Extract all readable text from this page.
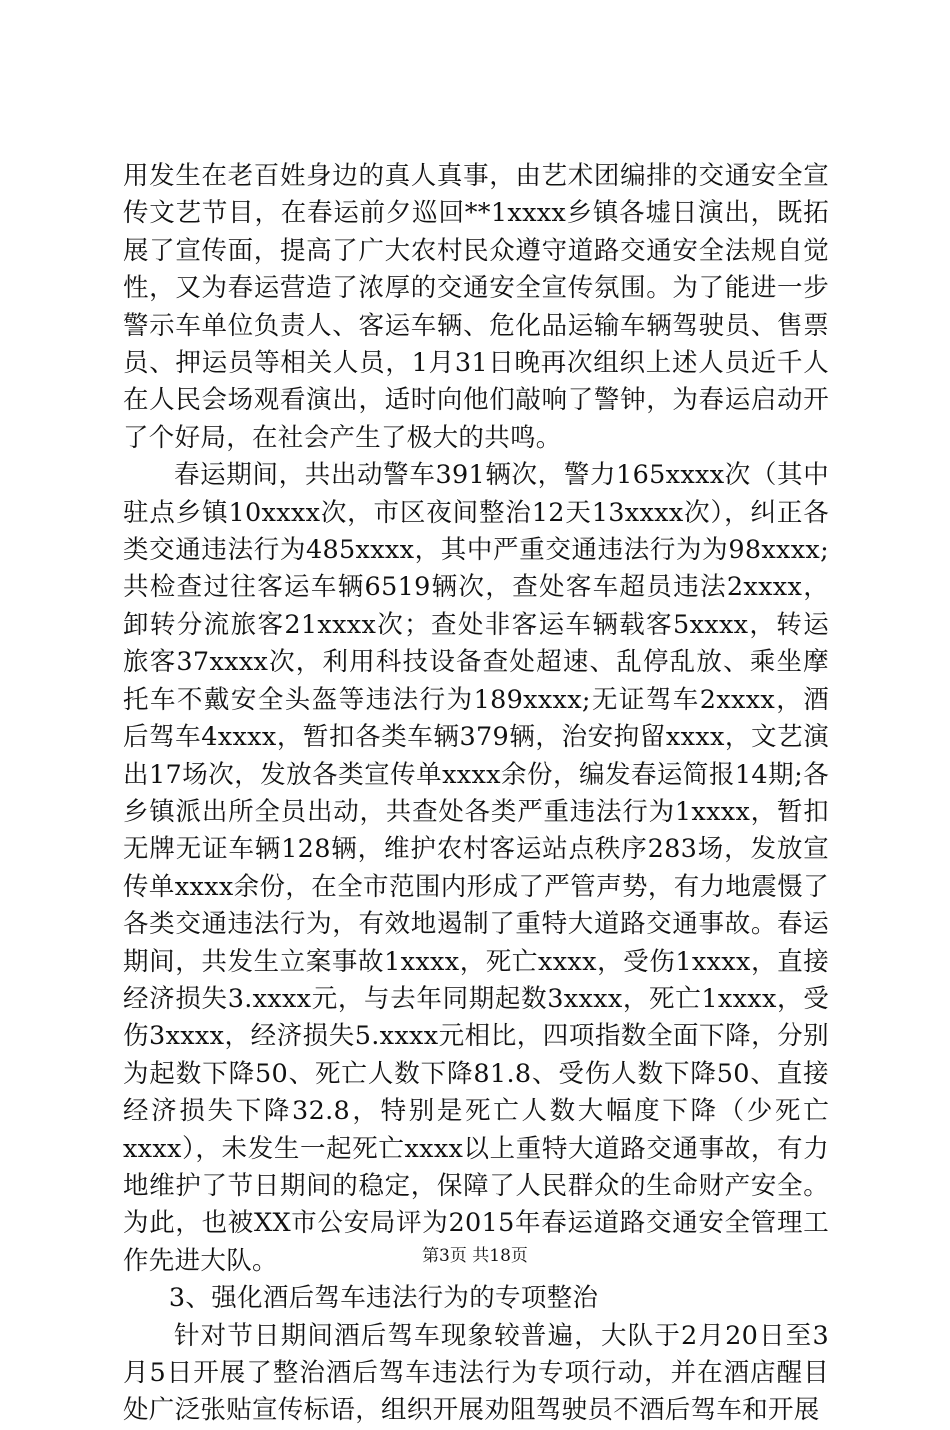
用发生在老百姓身边的真人真事，由艺术团编排的交通安全宣传文艺节目，在春运前夕巡回**1xxxx乡镇各墟日演出，既拓展了宣传面，提高了广大农村民众遵守道路交通安全法规自觉性，又为春运营造了浓厚的交通安全宣传氛围。为了能进一步警示车单位负责人、客运车辆、危化品运输车辆驾驶员、售票员、押运员等相关人员，1月31日晚再次组织上述人员近千人在人民会场观看演出，适时向他们敲响了警钟，为春运启动开了个好局，在社会产生了极大的共鸣。

春运期间，共出动警车391辆次，警力165xxxx次（其中驻点乡镇10xxxx次，市区夜间整治12天13xxxx次），纠正各类交通违法行为485xxxx，其中严重交通违法行为为98xxxx;共检查过往客运车辆6519辆次，查处客车超员违法2xxxx，卸转分流旅客21xxxx次；查处非客运车辆载客5xxxx，转运旅客37xxxx次，利用科技设备查处超速、乱停乱放、乘坐摩托车不戴安全头盔等违法行为189xxxx;无证驾车2xxxx，酒后驾车4xxxx，暂扣各类车辆379辆，治安拘留xxxx，文艺演出17场次，发放各类宣传单xxxx余份，编发春运简报14期;各乡镇派出所全员出动，共查处各类严重违法行为1xxxx，暂扣无牌无证车辆128辆，维护农村客运站点秩序283场，发放宣传单xxxx余份，在全市范围内形成了严管声势，有力地震慑了各类交通违法行为，有效地遏制了重特大道路交通事故。春运期间，共发生立案事故1xxxx，死亡xxxx，受伤1xxxx，直接经济损失3.xxxx元，与去年同期起数3xxxx，死亡1xxxx，受伤3xxxx，经济损失5.xxxx元相比，四项指数全面下降，分别为起数下降50、死亡人数下降81.8、受伤人数下降50、直接经济损失下降32.8，特别是死亡人数大幅度下降（少死亡xxxx），未发生一起死亡xxxx以上重特大道路交通事故，有力地维护了节日期间的稳定，保障了人民群众的生命财产安全。为此，也被XX市公安局评为2015年春运道路交通安全管理工作先进大队。

3、强化酒后驾车违法行为的专项整治

针对节日期间酒后驾车现象较普遍，大队于2月20日至3月5日开展了整治酒后驾车违法行为专项行动，并在酒店醒目处广泛张贴宣传标语，组织开展劝阻驾驶员不酒后驾车和开展

第3页 共18页
